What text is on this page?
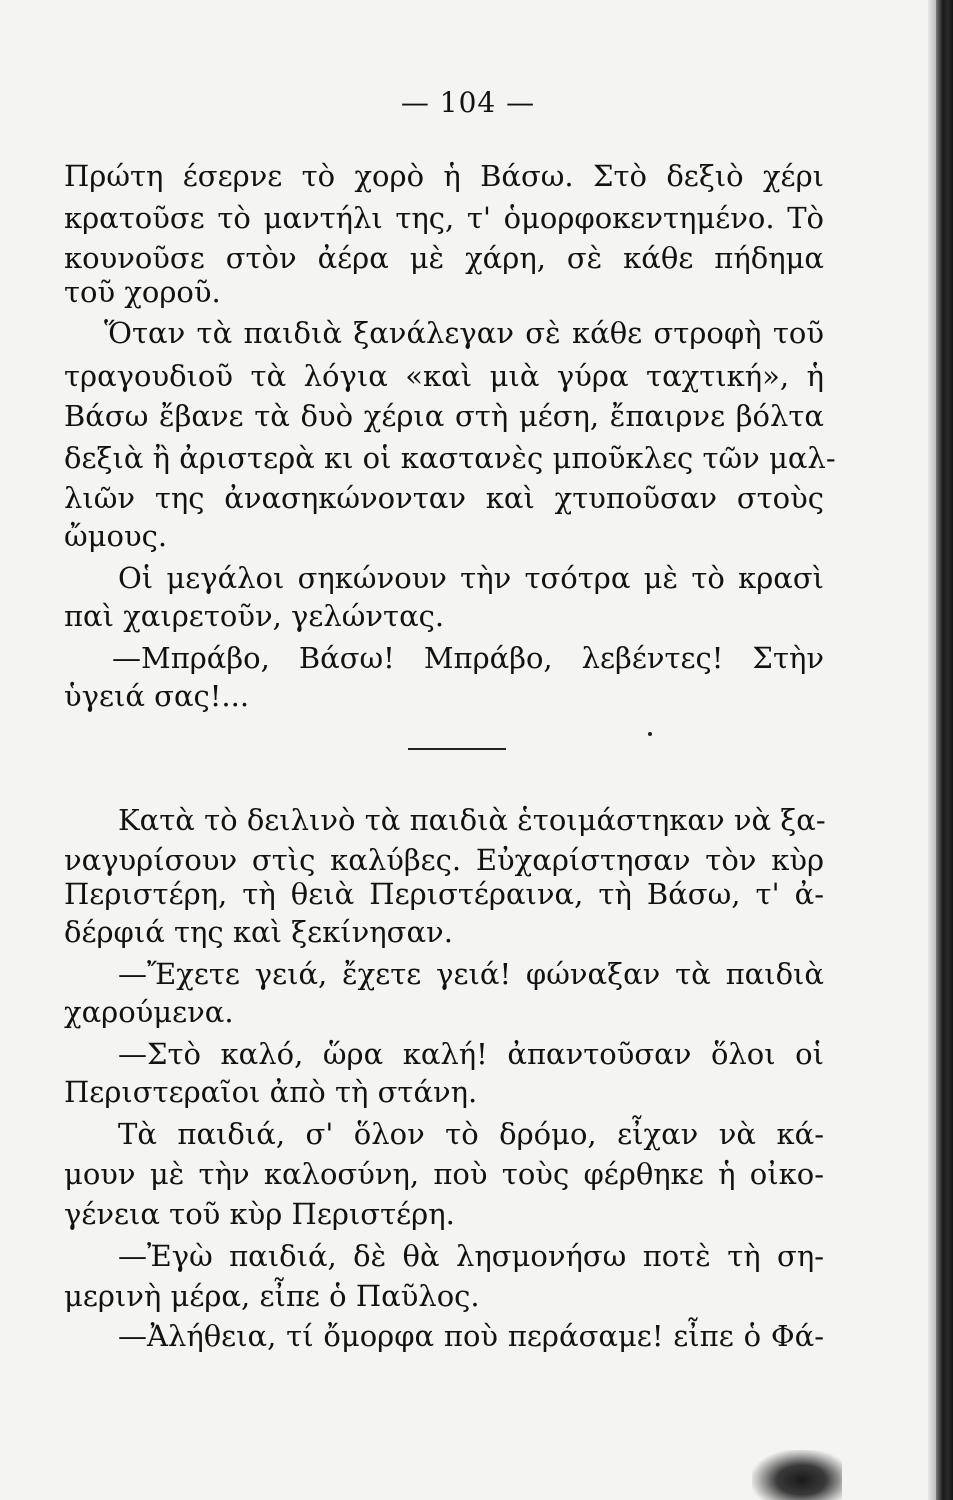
— 104 —
Πρώτη έσερνε τὸ χορὸ ἡ Βάσω. Στὸ δεξιὸ χέρι
κρατοῦσε τὸ μαντήλι της, τ' ὁμορφοκεντημένο. Τὸ
κουνοῦσε στὸν ἀέρα μὲ χάρη, σὲ κάθε πήδημα
τοῦ χοροῦ.
Ὅταν τὰ παιδιὰ ξανάλεγαν σὲ κάθε στροφὴ τοῦ
τραγουδιοῦ τὰ λόγια «καὶ μιὰ γύρα ταχτική», ἡ
Βάσω ἔβανε τὰ δυὸ χέρια στὴ μέση, ἔπαιρνε βόλτα
δεξιὰ ἢ ἀριστερὰ κι οἱ καστανὲς μποῦκλες τῶν μαλ-
λιῶν της ἀνασηκώνονταν καὶ χτυποῦσαν στοὺς
ὤμους.
Οἱ μεγάλοι σηκώνουν τὴν τσότρα μὲ τὸ κρασὶ
παὶ χαιρετοῦν, γελώντας.
—Μπράβο, Βάσω! Μπράβο, λεβέντες! Στὴν
ὑγειά σας!...
Κατὰ τὸ δειλινὸ τὰ παιδιὰ ἑτοιμάστηκαν νὰ ξα-
ναγυρίσουν στὶς καλύβες. Εὐχαρίστησαν τὸν κὺρ
Περιστέρη, τὴ θειὰ Περιστέραινα, τὴ Βάσω, τ' ἀ-
δέρφιά της καὶ ξεκίνησαν.
—Ἔχετε γειά, ἔχετε γειά! φώναξαν τὰ παιδιὰ
χαρούμενα.
—Στὸ καλό, ὥρα καλή! ἀπαντοῦσαν ὅλοι οἱ
Περιστεραῖοι ἀπὸ τὴ στάνη.
Τὰ παιδιά, σ' ὅλον τὸ δρόμο, εἶχαν νὰ κά-
μουν μὲ τὴν καλοσύνη, ποὺ τοὺς φέρθηκε ἡ οἰκο-
γένεια τοῦ κὺρ Περιστέρη.
—Ἐγὼ παιδιά, δὲ θὰ λησμονήσω ποτὲ τὴ ση-
μερινὴ μέρα, εἶπε ὁ Παῦλος.
—Ἀλήθεια, τί ὄμορφα ποὺ περάσαμε! εἶπε ὁ Φά-
